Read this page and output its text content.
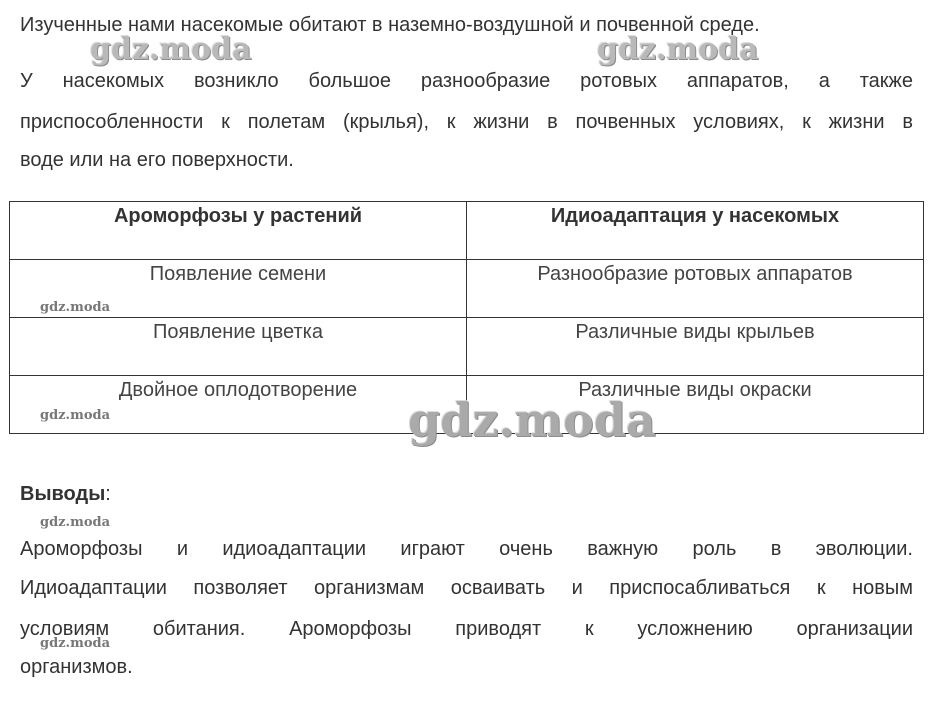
Изученные нами насекомые обитают в наземно-воздушной и почвенной среде.
У насекомых возникло большое разнообразие ротовых аппаратов, а также
приспособленности к полетам (крылья), к жизни в почвенных условиях, к жизни в
воде или на его поверхности.
Ароморфозы у растений	Идиоадаптация у насекомых
Появление семени	Разнообразие ротовых аппаратов
Появление цветка	Различные виды крыльев
Двойное оплодотворение	Различные виды окраски
Выводы:
Ароморфозы и идиоадаптации играют очень важную роль в эволюции.
Идиоадаптации позволяет организмам осваивать и приспосабливаться к новым
условиям обитания. Ароморфозы приводят к усложнению организации
организмов.
gdz.moda	gdz.moda
gdz.moda
gdz.moda
gdz.moda
gdz.moda
gdz.moda
